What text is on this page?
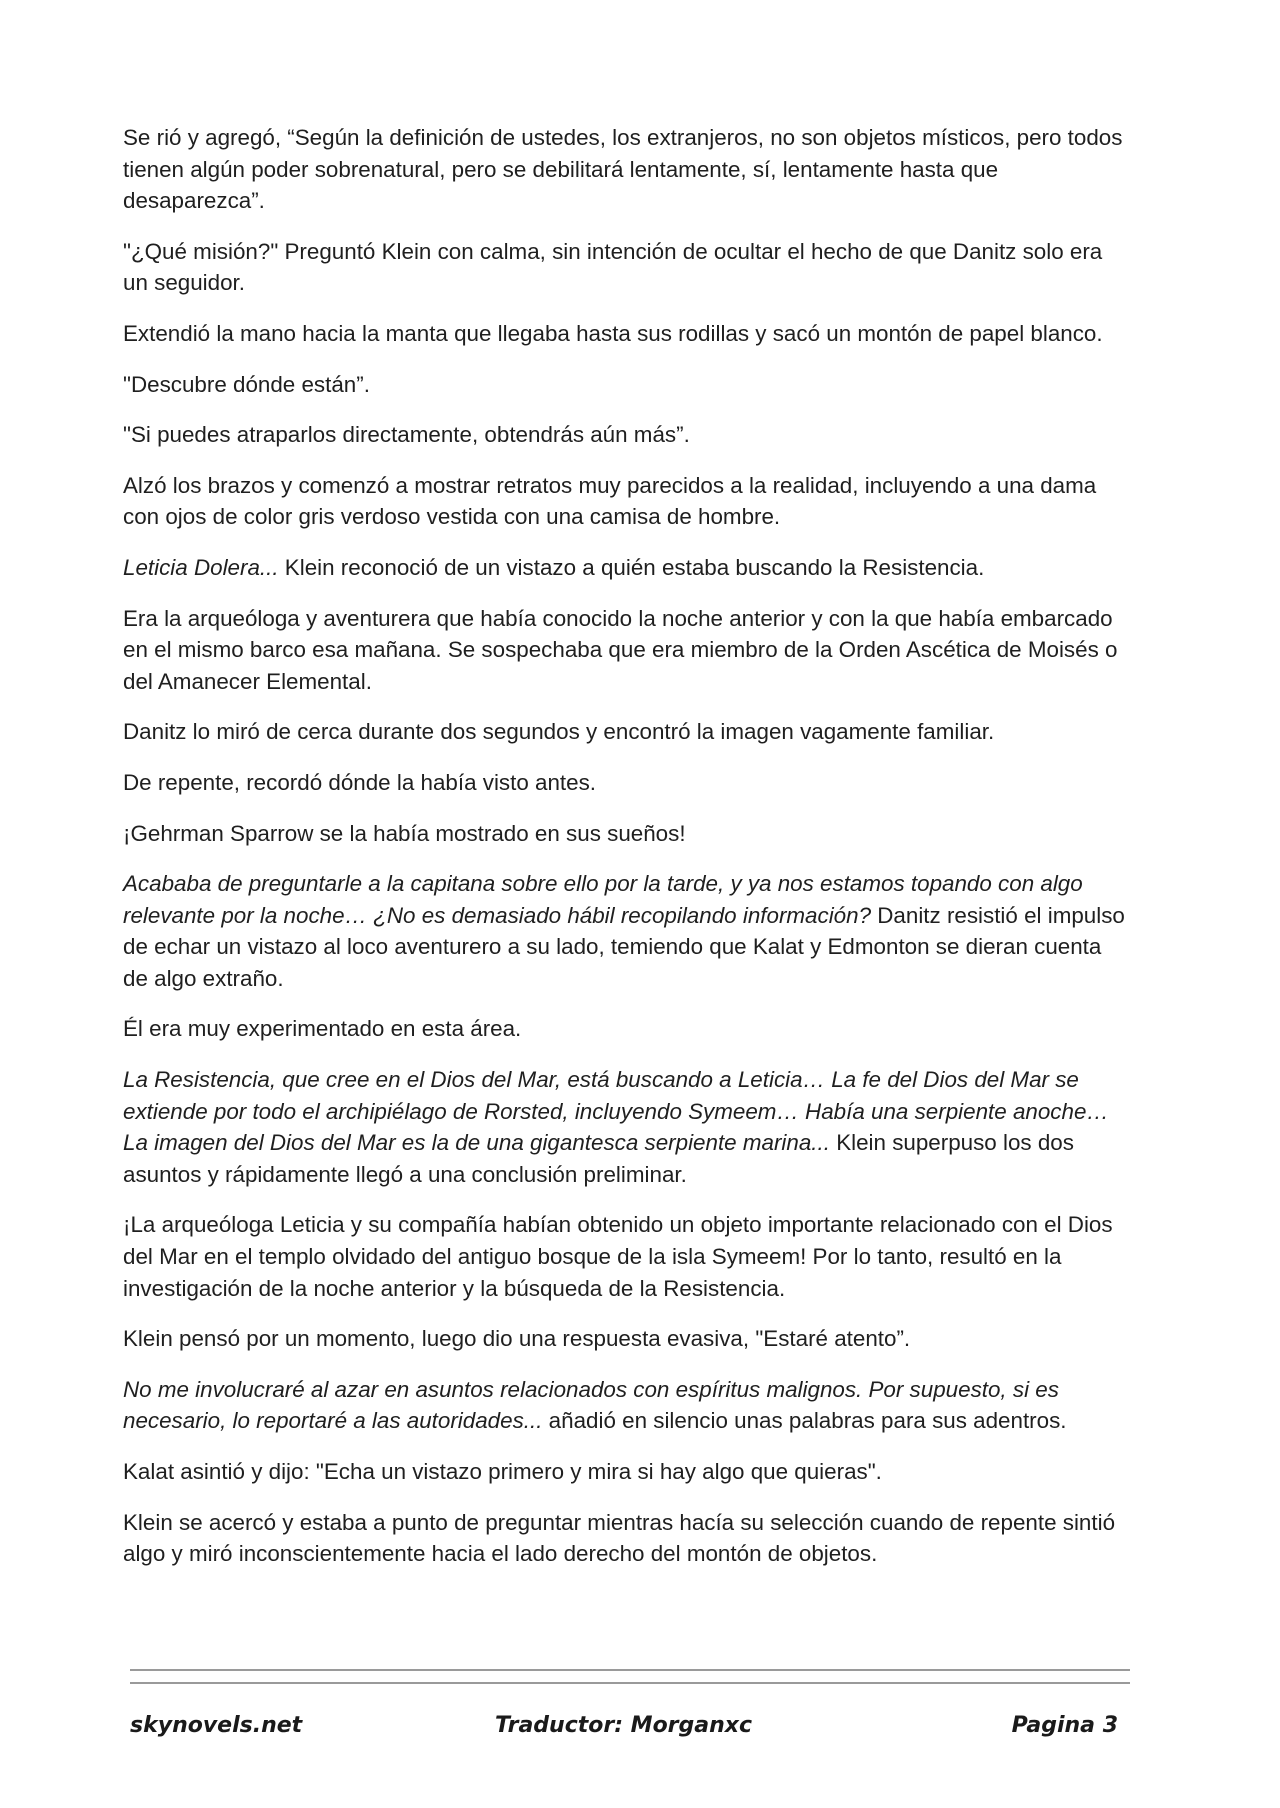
Se rió y agregó, “Según la definición de ustedes, los extranjeros, no son objetos místicos, pero todos tienen algún poder sobrenatural, pero se debilitará lentamente, sí, lentamente hasta que desaparezca”.

"¿Qué misión?" Preguntó Klein con calma, sin intención de ocultar el hecho de que Danitz solo era un seguidor.

Extendió la mano hacia la manta que llegaba hasta sus rodillas y sacó un montón de papel blanco.

"Descubre dónde están”.

"Si puedes atraparlos directamente, obtendrás aún más”.

Alzó los brazos y comenzó a mostrar retratos muy parecidos a la realidad, incluyendo a una dama con ojos de color gris verdoso vestida con una camisa de hombre.

Leticia Dolera... Klein reconoció de un vistazo a quién estaba buscando la Resistencia.

Era la arqueóloga y aventurera que había conocido la noche anterior y con la que había embarcado en el mismo barco esa mañana. Se sospechaba que era miembro de la Orden Ascética de Moisés o del Amanecer Elemental.

Danitz lo miró de cerca durante dos segundos y encontró la imagen vagamente familiar.

De repente, recordó dónde la había visto antes.

¡Gehrman Sparrow se la había mostrado en sus sueños!

Acababa de preguntarle a la capitana sobre ello por la tarde, y ya nos estamos topando con algo relevante por la noche… ¿No es demasiado hábil recopilando información? Danitz resistió el impulso de echar un vistazo al loco aventurero a su lado, temiendo que Kalat y Edmonton se dieran cuenta de algo extraño.

Él era muy experimentado en esta área.

La Resistencia, que cree en el Dios del Mar, está buscando a Leticia… La fe del Dios del Mar se extiende por todo el archipiélago de Rorsted, incluyendo Symeem… Había una serpiente anoche… La imagen del Dios del Mar es la de una gigantesca serpiente marina... Klein superpuso los dos asuntos y rápidamente llegó a una conclusión preliminar.

¡La arqueóloga Leticia y su compañía habían obtenido un objeto importante relacionado con el Dios del Mar en el templo olvidado del antiguo bosque de la isla Symeem! Por lo tanto, resultó en la investigación de la noche anterior y la búsqueda de la Resistencia.

Klein pensó por un momento, luego dio una respuesta evasiva, "Estaré atento”.

No me involucraré al azar en asuntos relacionados con espíritus malignos. Por supuesto, si es necesario, lo reportaré a las autoridades... añadió en silencio unas palabras para sus adentros.

Kalat asintió y dijo: "Echa un vistazo primero y mira si hay algo que quieras".

Klein se acercó y estaba a punto de preguntar mientras hacía su selección cuando de repente sintió algo y miró inconscientemente hacia el lado derecho del montón de objetos.

skynovels.net	Traductor: Morganxc	Pagina 3
